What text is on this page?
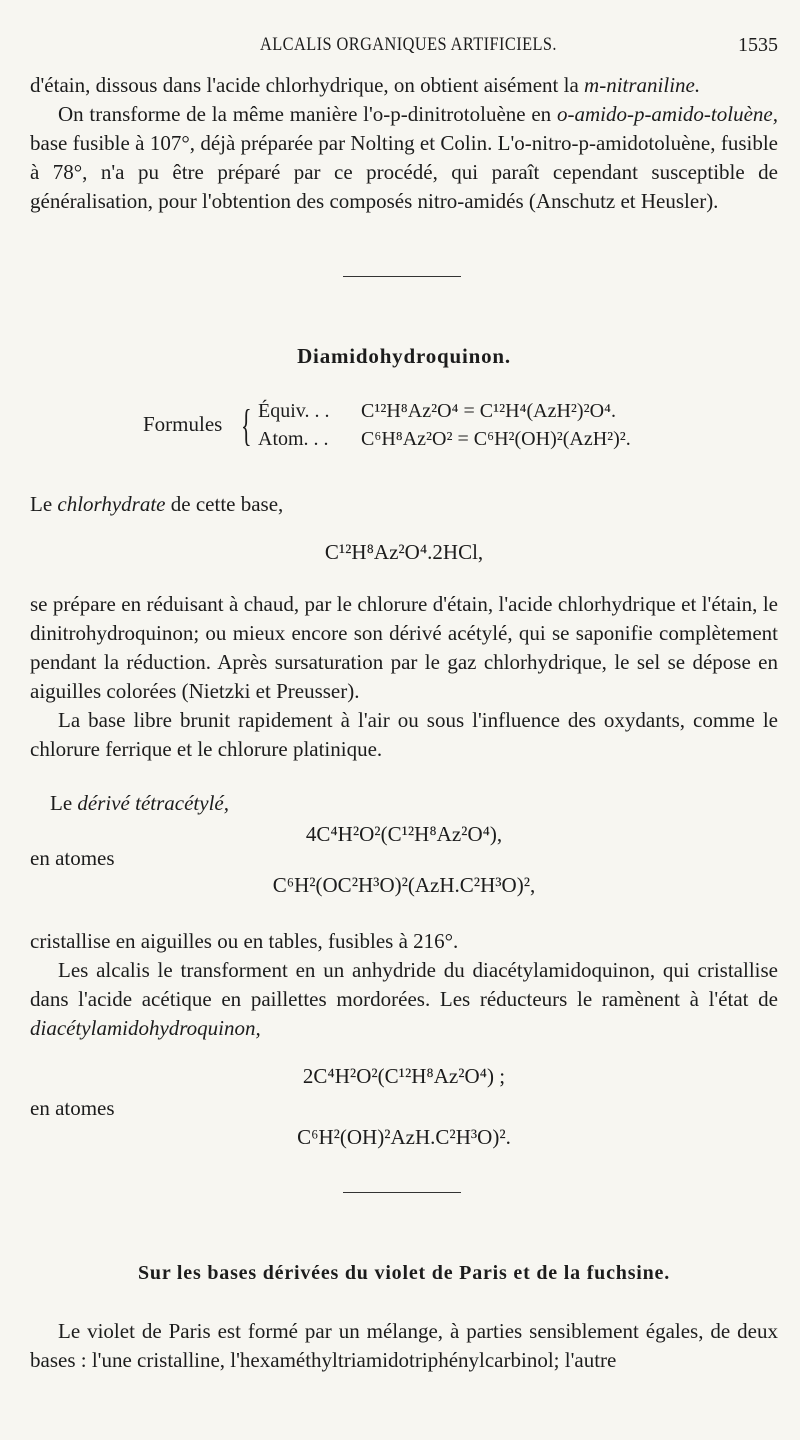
ALCALIS ORGANIQUES ARTIFICIELS.	1535

d'étain, dissous dans l'acide chlorhydrique, on obtient aisément la m-nitraniline.

On transforme de la même manière l'o-p-dinitrotoluène en o-amido-p-amido-toluène, base fusible à 107°, déjà préparée par Nolting et Colin. L'o-nitro-p-amidotoluène, fusible à 78°, n'a pu être préparé par ce procédé, qui paraît cependant susceptible de généralisation, pour l'obtention des composés nitro-amidés (Anschutz et Heusler).

Diamidohydroquinon.
Formules { Équiv. . . C¹²H⁸Az²O⁴ = C¹²H⁴(AzH²)²O⁴.
Atom. . . C⁶H⁸Az²O² = C⁶H²(OH)²(AzH²)².

Le chlorhydrate de cette base,

C¹²H⁸Az²O⁴.2HCl,

se prépare en réduisant à chaud, par le chlorure d'étain, l'acide chlorhydrique et l'étain, le dinitrohydroquinon; ou mieux encore son dérivé acétylé, qui se saponifie complètement pendant la réduction. Après sursaturation par le gaz chlorhydrique, le sel se dépose en aiguilles colorées (Nietzki et Preusser).

La base libre brunit rapidement à l'air ou sous l'influence des oxydants, comme le chlorure ferrique et le chlorure platinique.

Le dérivé tétracétylé,

4C⁴H²O²(C¹²H⁸Az²O⁴),
en atomes
C⁶H²(OC²H³O)²(AzH.C²H³O)²,

cristallise en aiguilles ou en tables, fusibles à 216°.

Les alcalis le transforment en un anhydride du diacétylamidoquinon, qui cristallise dans l'acide acétique en paillettes mordorées. Les réducteurs le ramènent à l'état de diacétylamidohydroquinon,

2C⁴H²O²(C¹²H⁸Az²O⁴) ;
en atomes
C⁶H²(OH)²AzH.C²H³O)².
Sur les bases dérivées du violet de Paris et de la fuchsine.

Le violet de Paris est formé par un mélange, à parties sensiblement égales, de deux bases : l'une cristalline, l'hexaméthyltriamidotriphénylcarbinol; l'autre
